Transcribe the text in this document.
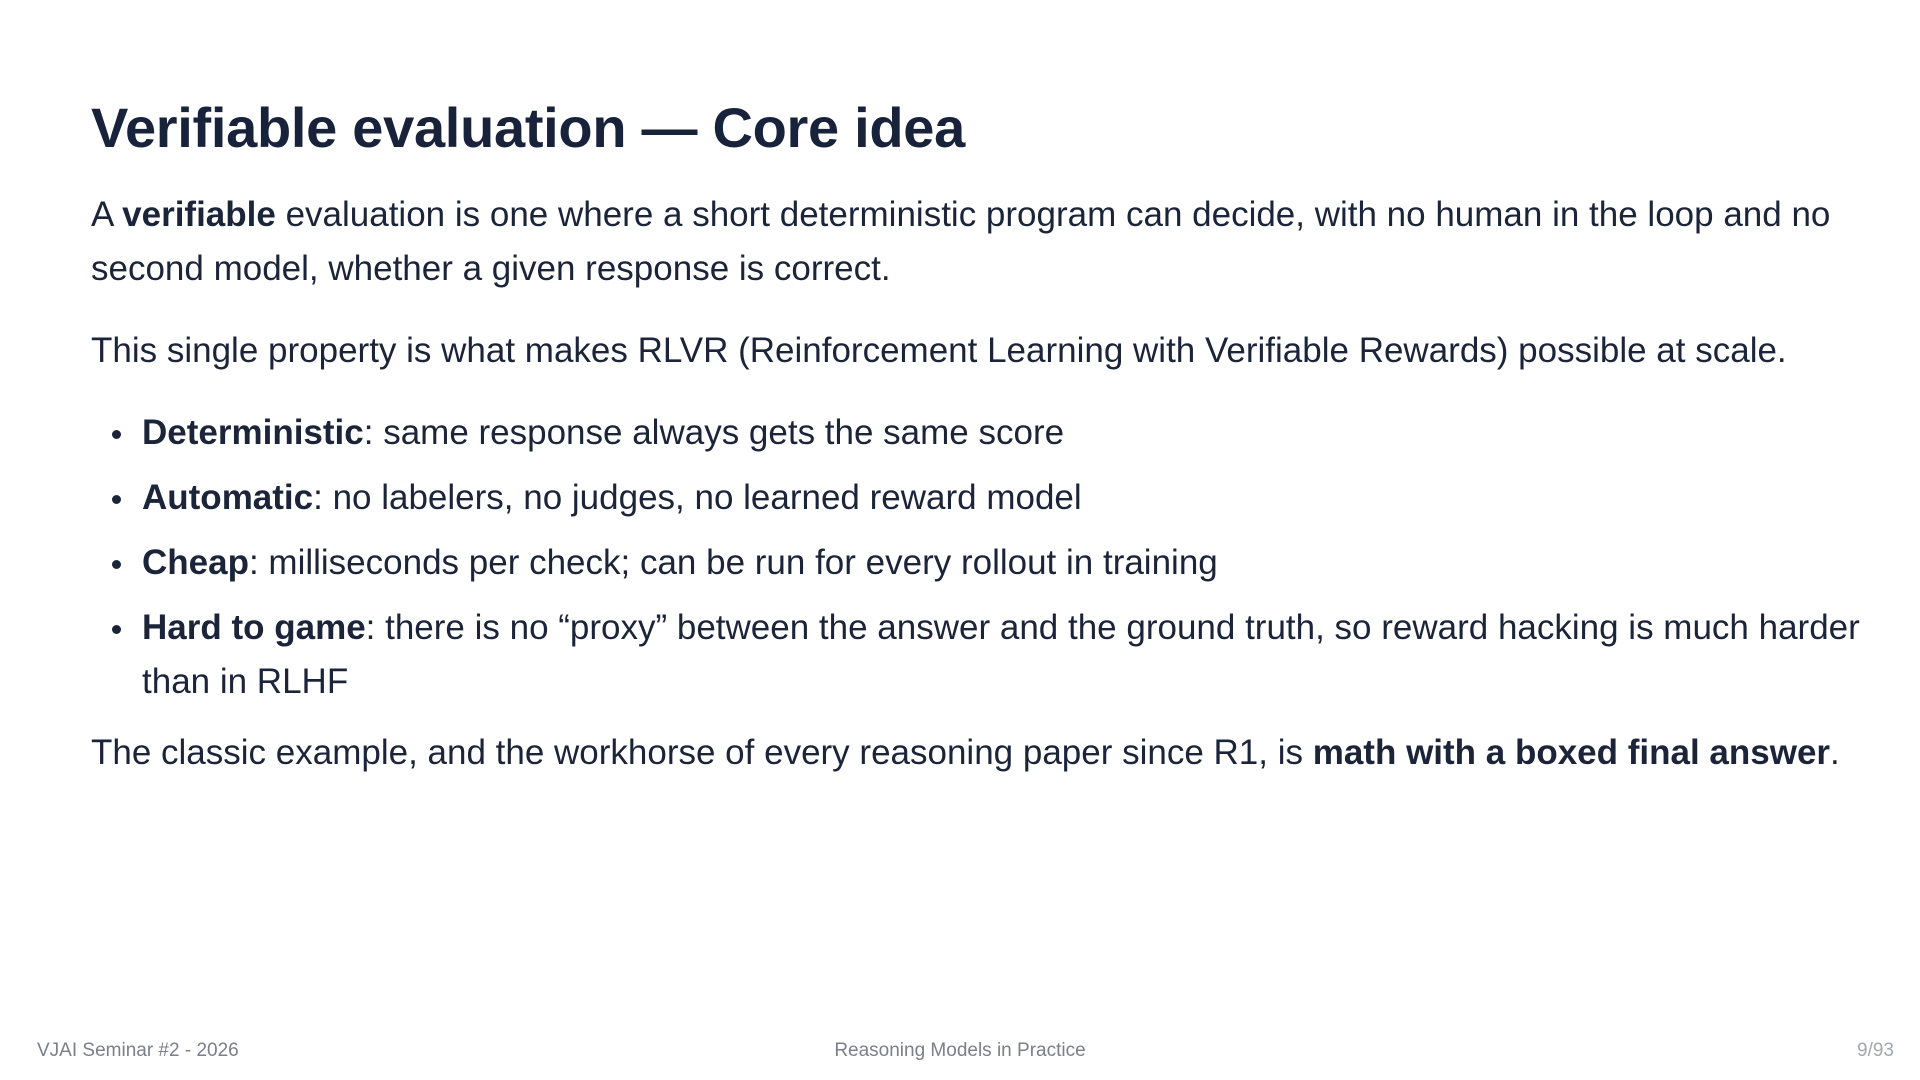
Verifiable evaluation — Core idea

A verifiable evaluation is one where a short deterministic program can decide, with no human in the loop and no second model, whether a given response is correct.

This single property is what makes RLVR (Reinforcement Learning with Verifiable Rewards) possible at scale.

Deterministic: same response always gets the same score
Automatic: no labelers, no judges, no learned reward model
Cheap: milliseconds per check; can be run for every rollout in training
Hard to game: there is no “proxy” between the answer and the ground truth, so reward hacking is much harder than in RLHF

The classic example, and the workhorse of every reasoning paper since R1, is math with a boxed final answer.

VJAI Seminar #2 - 2026	Reasoning Models in Practice	9/93
